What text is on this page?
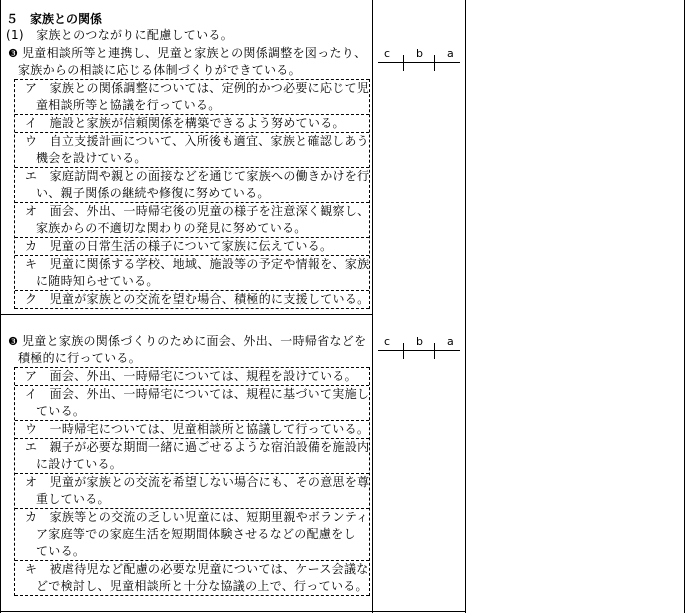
５　家族との関係
(1)　家族とのつながりに配慮している。
❸ 児童相談所等と連携し、児童と家族との関係調整を図ったり、
家族からの相談に応じる体制づくりができている。
c b a
ア　 家族との関係調整については、定例的かつ必要に応じて児
童相談所等と協議を行っている。
イ　 施設と家族が信頼関係を構築できるよう努めている。
ウ　 自立支援計画について、入所後も適宜、家族と確認しあう
機会を設けている。
エ　 家庭訪問や親との面接などを通じて家族への働きかけを行
い、親子関係の継続や修復に努めている。
オ　 面会、外出、一時帰宅後の児童の様子を注意深く観察し、
家族からの不適切な関わりの発見に努めている。
カ　 児童の日常生活の様子について家族に伝えている。
キ　 児童に関係する学校、地域、施設等の予定や情報を、家族
に随時知らせている。
ク　 児童が家族との交流を望む場合、積極的に支援している。
❸ 児童と家族の関係づくりのために面会、外出、一時帰省などを
積極的に行っている。
c b a
ア　 面会、外出、一時帰宅については、規程を設けている。
イ　 面会、外出、一時帰宅については、規程に基づいて実施し
ている。
ウ　 一時帰宅については、児童相談所と協議して行っている。
エ　 親子が必要な期間一緒に過ごせるような宿泊設備を施設内
に設けている。
オ　 児童が家族との交流を希望しない場合にも、その意思を尊
重している。
カ　 家族等との交流の乏しい児童には、短期里親やボランティ
ア家庭等での家庭生活を短期間体験させるなどの配慮をし
ている。
キ　 被虐待児など配慮の必要な児童については、ケース会議な
どで検討し、児童相談所と十分な協議の上で、行っている。
